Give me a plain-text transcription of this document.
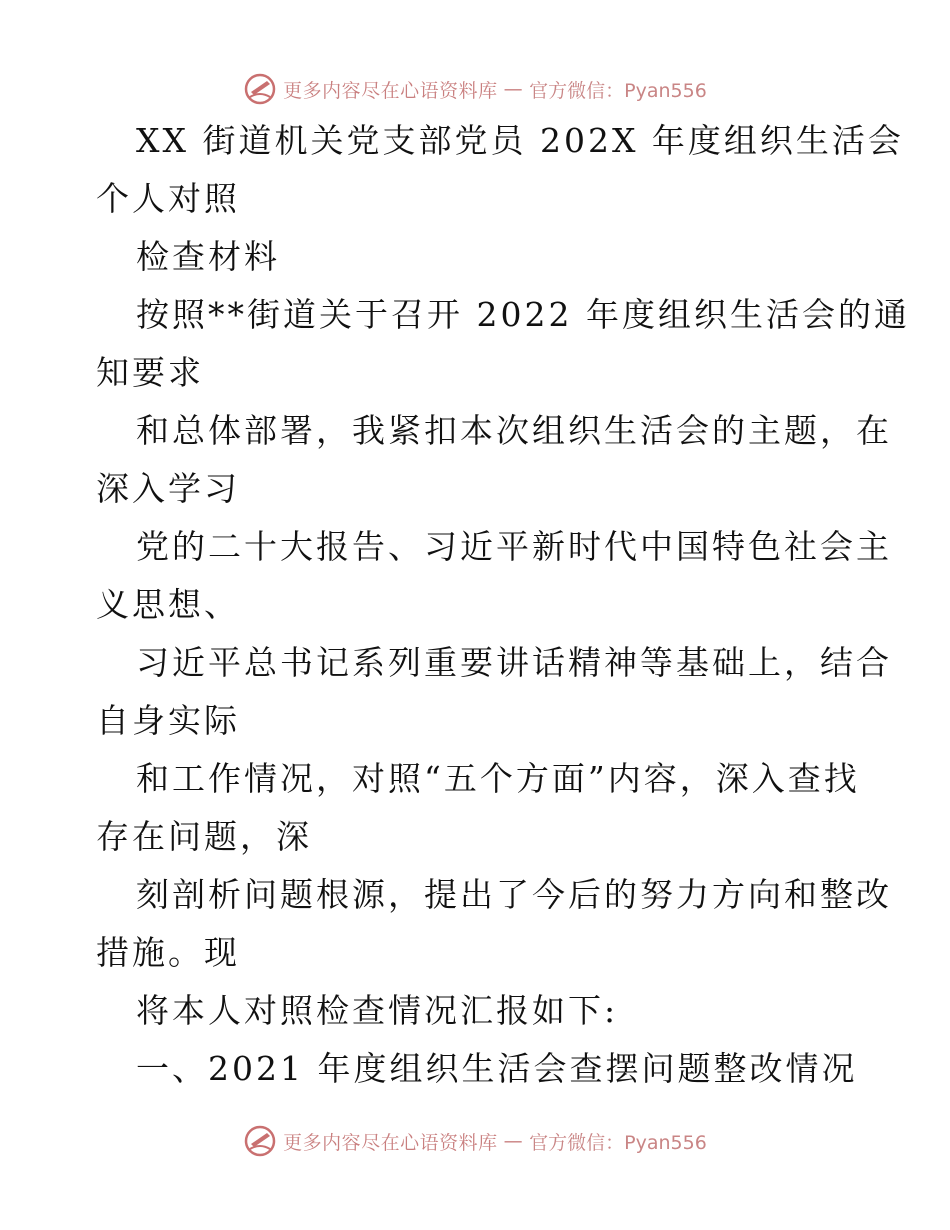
更多内容尽在心语资料库 — 官方微信：Pyan556
XX 街道机关党支部党员 202X 年度组织生活会
个人对照
检查材料
按照**街道关于召开 2022 年度组织生活会的通
知要求
和总体部署，我紧扣本次组织生活会的主题，在
深入学习
党的二十大报告、习近平新时代中国特色社会主
义思想、
习近平总书记系列重要讲话精神等基础上，结合
自身实际
和工作情况，对照“五个方面”内容，深入查找
存在问题，深
刻剖析问题根源，提出了今后的努力方向和整改
措施。现
将本人对照检查情况汇报如下:
一、2021 年度组织生活会查摆问题整改情况
更多内容尽在心语资料库 — 官方微信：Pyan556
